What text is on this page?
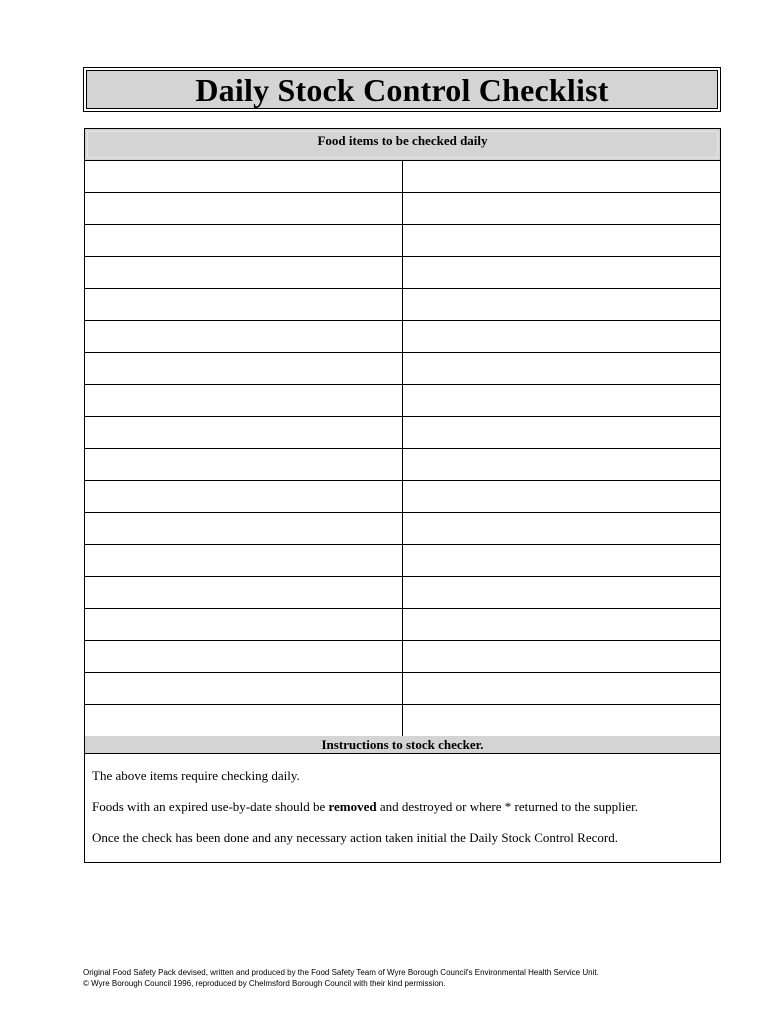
Daily Stock Control Checklist
Food items to be checked daily
Instructions to stock checker.

The above items require checking daily.

Foods with an expired use-by-date should be removed and destroyed or where * returned to the supplier.

Once the check has been done and any necessary action taken initial the Daily Stock Control Record.

Original Food Safety Pack devised, written and produced by the Food Safety Team of Wyre Borough Council's Environmental Health Service Unit.
© Wyre Borough Council 1996, reproduced by Chelmsford Borough Council with their kind permission.
